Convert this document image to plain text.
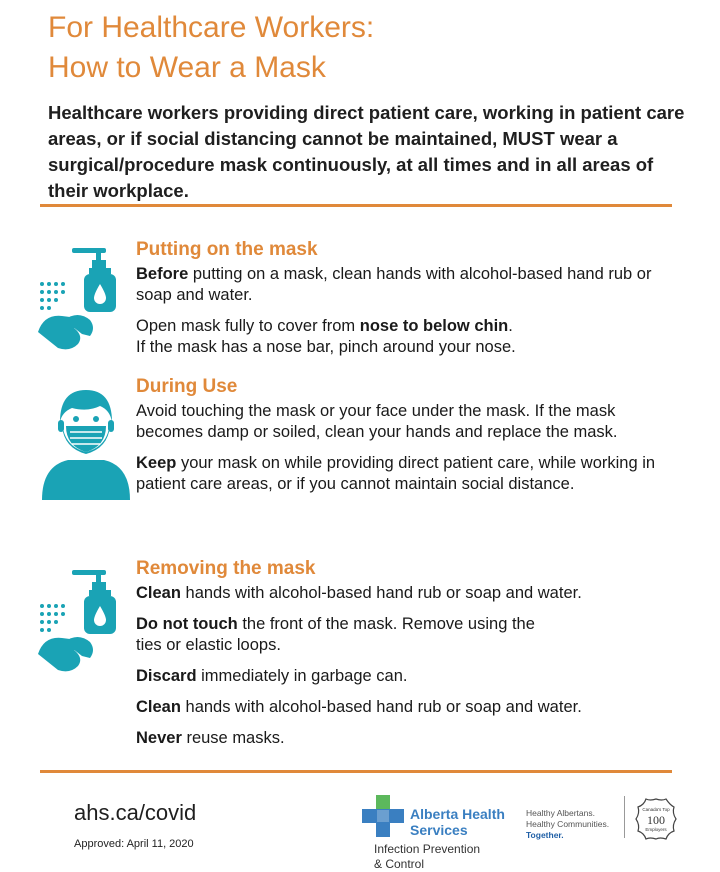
For Healthcare Workers:
How to Wear a Mask

Healthcare workers providing direct patient care, working in patient care areas, or if social distancing cannot be maintained, MUST wear a surgical/procedure mask continuously, at all times and in all areas of their workplace.

Putting on the mask

Before putting on a mask, clean hands with alcohol-based hand rub or soap and water.

Open mask fully to cover from nose to below chin.
If the mask has a nose bar, pinch around your nose.

During Use

Avoid touching the mask or your face under the mask. If the mask becomes damp or soiled, clean your hands and replace the mask.

Keep your mask on while providing direct patient care, while working in patient care areas, or if you cannot maintain social distance.

Removing the mask

Clean hands with alcohol-based hand rub or soap and water.

Do not touch the front of the mask. Remove using the
ties or elastic loops.

Discard immediately in garbage can.

Clean hands with alcohol-based hand rub or soap and water.

Never reuse masks.

ahs.ca/covid
Approved: April 11, 2020
Alberta Health
Services
Infection Prevention
& Control
Healthy Albertans.
Healthy Communities.
Together.
Canada's Top
100
Employers
